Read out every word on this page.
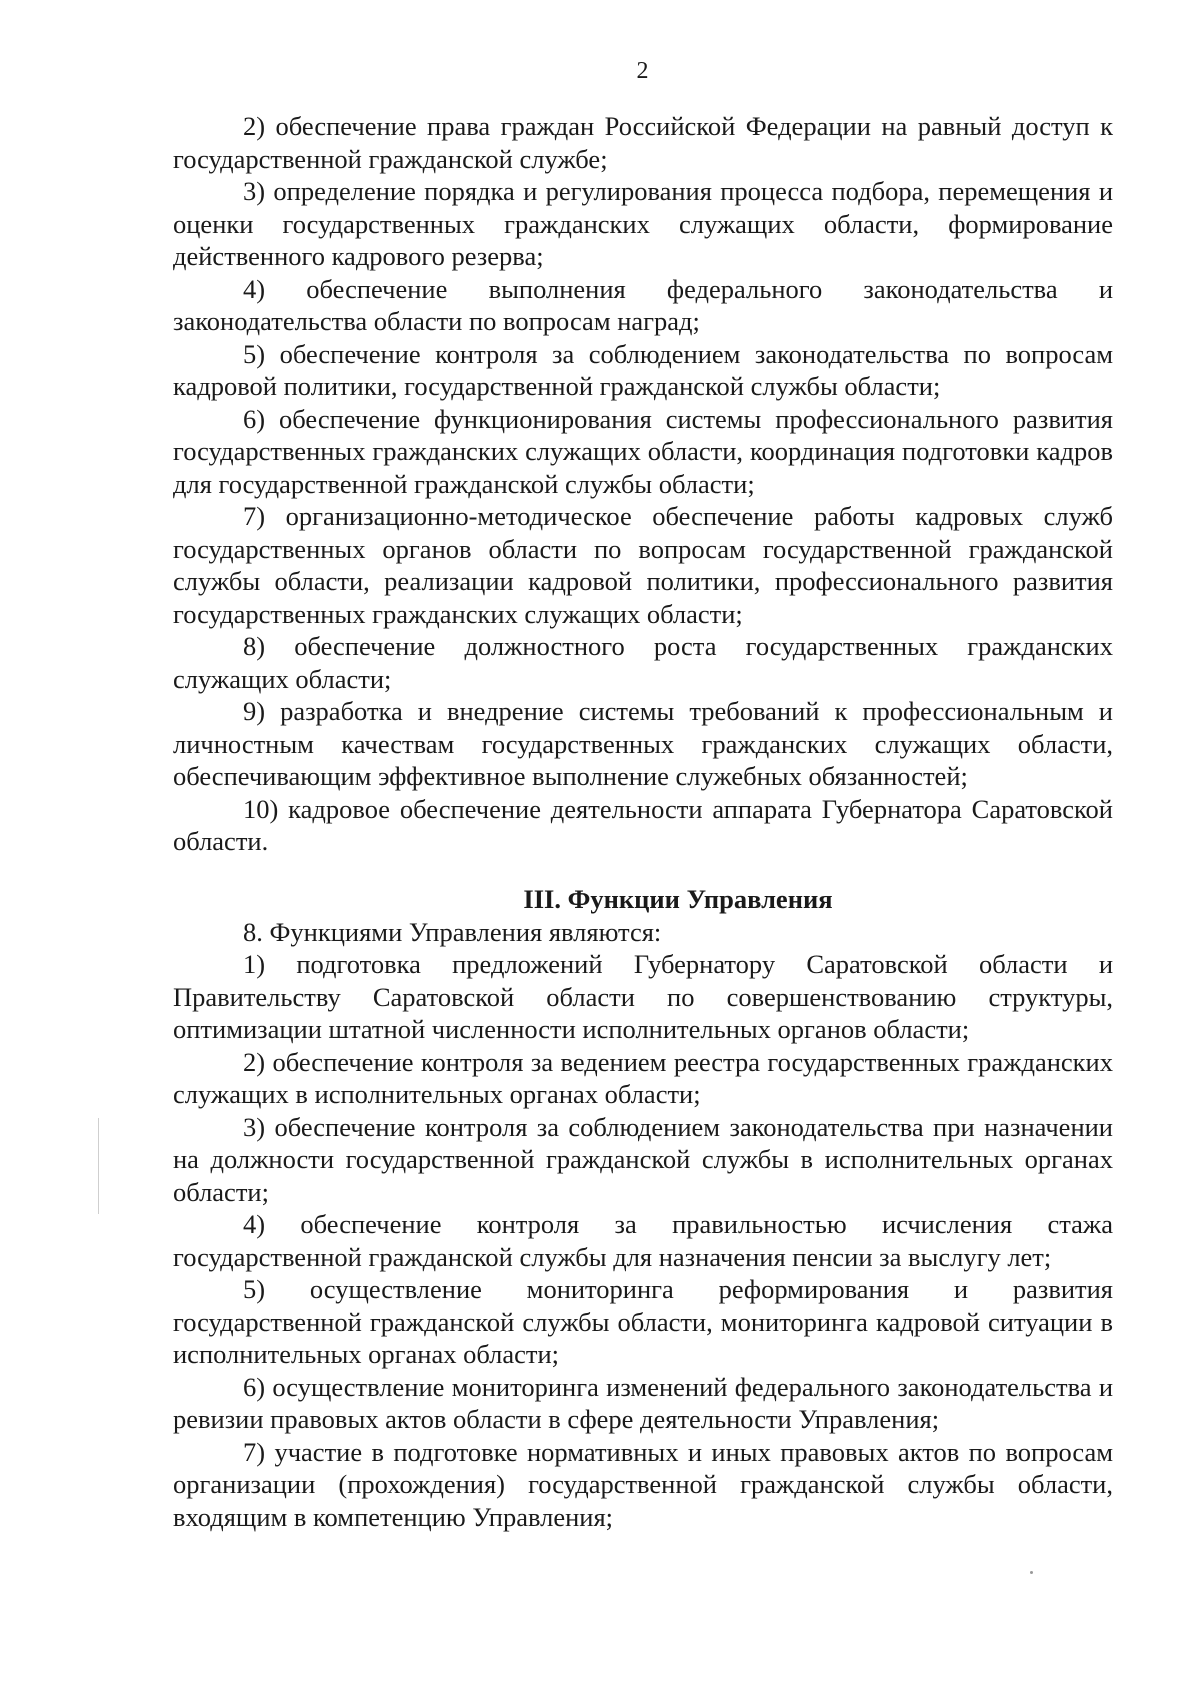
2

2) обеспечение права граждан Российской Федерации на равный доступ к государственной гражданской службе;

3) определение порядка и регулирования процесса подбора, перемещения и оценки государственных гражданских служащих области, формирование действенного кадрового резерва;

4) обеспечение выполнения федерального законодательства и законодательства области по вопросам наград;

5) обеспечение контроля за соблюдением законодательства по вопросам кадровой политики, государственной гражданской службы области;

6) обеспечение функционирования системы профессионального развития государственных гражданских служащих области, координация подготовки кадров для государственной гражданской службы области;

7) организационно-методическое обеспечение работы кадровых служб государственных органов области по вопросам государственной гражданской службы области, реализации кадровой политики, профессионального развития государственных гражданских служащих области;

8) обеспечение должностного роста государственных гражданских служащих области;

9) разработка и внедрение системы требований к профессиональным и личностным качествам государственных гражданских служащих области, обеспечивающим эффективное выполнение служебных обязанностей;

10) кадровое обеспечение деятельности аппарата Губернатора Саратовской области.

III. Функции Управления

8. Функциями Управления являются:

1) подготовка предложений Губернатору Саратовской области и Правительству Саратовской области по совершенствованию структуры, оптимизации штатной численности исполнительных органов области;

2) обеспечение контроля за ведением реестра государственных гражданских служащих в исполнительных органах области;

3) обеспечение контроля за соблюдением законодательства при назначении на должности государственной гражданской службы в исполнительных органах области;

4) обеспечение контроля за правильностью исчисления стажа государственной гражданской службы для назначения пенсии за выслугу лет;

5) осуществление мониторинга реформирования и развития государственной гражданской службы области, мониторинга кадровой ситуации в исполнительных органах области;

6) осуществление мониторинга изменений федерального законодательства и ревизии правовых актов области в сфере деятельности Управления;

7) участие в подготовке нормативных и иных правовых актов по вопросам организации (прохождения) государственной гражданской службы области, входящим в компетенцию Управления;
